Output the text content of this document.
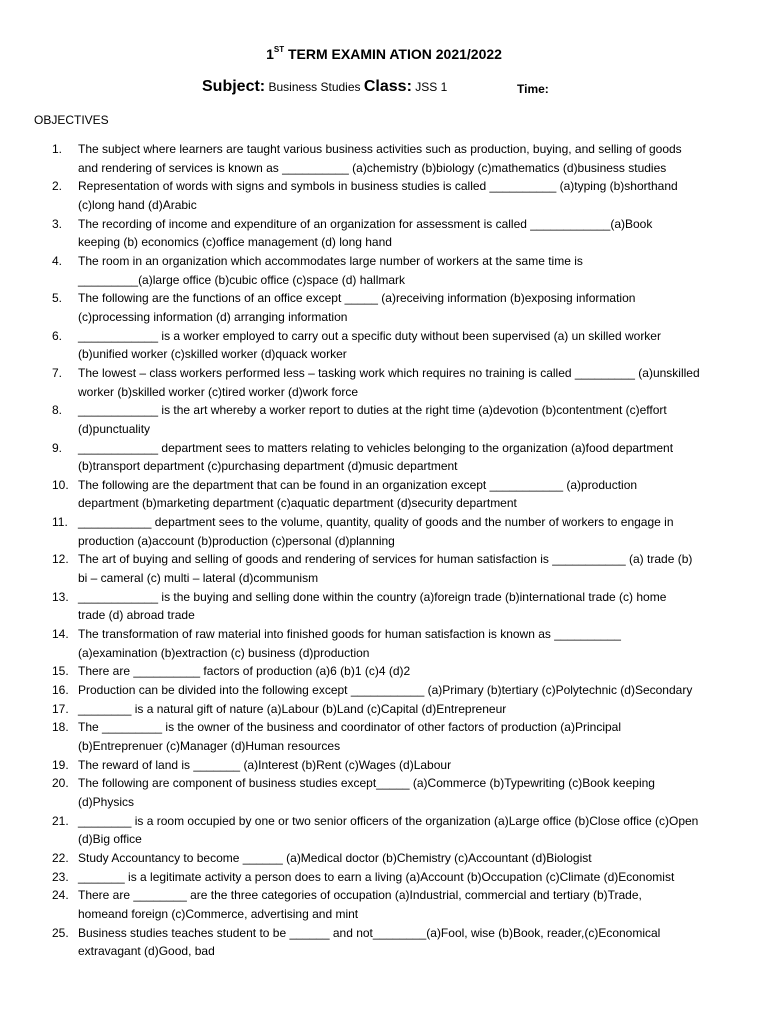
1ST TERM EXAMIN ATION 2021/2022
Subject: Business Studies Class: JSS 1	Time:
OBJECTIVES
1.	The subject where learners are taught various business activities such as production, buying, and selling of goods
and rendering of services is known as __________ (a)chemistry (b)biology (c)mathematics (d)business studies
2.	Representation of words with signs and symbols in business studies is called __________ (a)typing (b)shorthand
(c)long hand (d)Arabic
3.	The recording of income and expenditure of an organization for assessment is called ____________(a)Book
keeping (b) economics (c)office management (d) long hand
4.	The room in an organization which accommodates large number of workers at the same time is
_________(a)large office (b)cubic office (c)space (d) hallmark
5.	The following are the functions of an office except _____ (a)receiving information (b)exposing information
(c)processing information (d) arranging information
6.	____________ is a worker employed to carry out a specific duty without been supervised (a) un skilled worker
(b)unified worker (c)skilled worker (d)quack worker
7.	The lowest – class workers performed less – tasking work which requires no training is called _________ (a)unskilled
worker (b)skilled worker (c)tired worker (d)work force
8.	____________ is the art whereby a worker report to duties at the right time (a)devotion (b)contentment (c)effort
(d)punctuality
9.	____________ department sees to matters relating to vehicles belonging to the organization (a)food department
(b)transport department (c)purchasing department (d)music department
10. The following are the department that can be found in an organization except ___________ (a)production
department (b)marketing department (c)aquatic department (d)security department
11. ___________ department sees to the volume, quantity, quality of goods and the number of workers to engage in
production (a)account (b)production (c)personal (d)planning
12. The art of buying and selling of goods and rendering of services for human satisfaction is ___________ (a) trade (b)
bi – cameral (c) multi – lateral (d)communism
13. ____________ is the buying and selling done within the country (a)foreign trade (b)international trade (c) home
trade (d) abroad trade
14. The transformation of raw material into finished goods for human satisfaction is known as __________
(a)examination (b)extraction (c) business (d)production
15. There are __________ factors of production (a)6 (b)1 (c)4 (d)2
16. Production can be divided into the following except ___________ (a)Primary (b)tertiary (c)Polytechnic (d)Secondary
17. ________ is a natural gift of nature (a)Labour (b)Land (c)Capital (d)Entrepreneur
18. The _________ is the owner of the business and coordinator of other factors of production (a)Principal
(b)Entreprenuer (c)Manager (d)Human resources
19. The reward of land is _______ (a)Interest (b)Rent (c)Wages (d)Labour
20. The following are component of business studies except_____ (a)Commerce (b)Typewriting (c)Book keeping
(d)Physics
21. ________ is a room occupied by one or two senior officers of the organization (a)Large office (b)Close office (c)Open
(d)Big office
22. Study Accountancy to become ______ (a)Medical doctor (b)Chemistry (c)Accountant (d)Biologist
23. _______ is a legitimate activity a person does to earn a living (a)Account (b)Occupation (c)Climate (d)Economist
24. There are ________ are the three categories of occupation (a)Industrial, commercial and tertiary (b)Trade,
homeand foreign (c)Commerce, advertising and mint
25. Business studies teaches student to be ______ and not________(a)Fool, wise (b)Book, reader,(c)Economical
extravagant (d)Good, bad
